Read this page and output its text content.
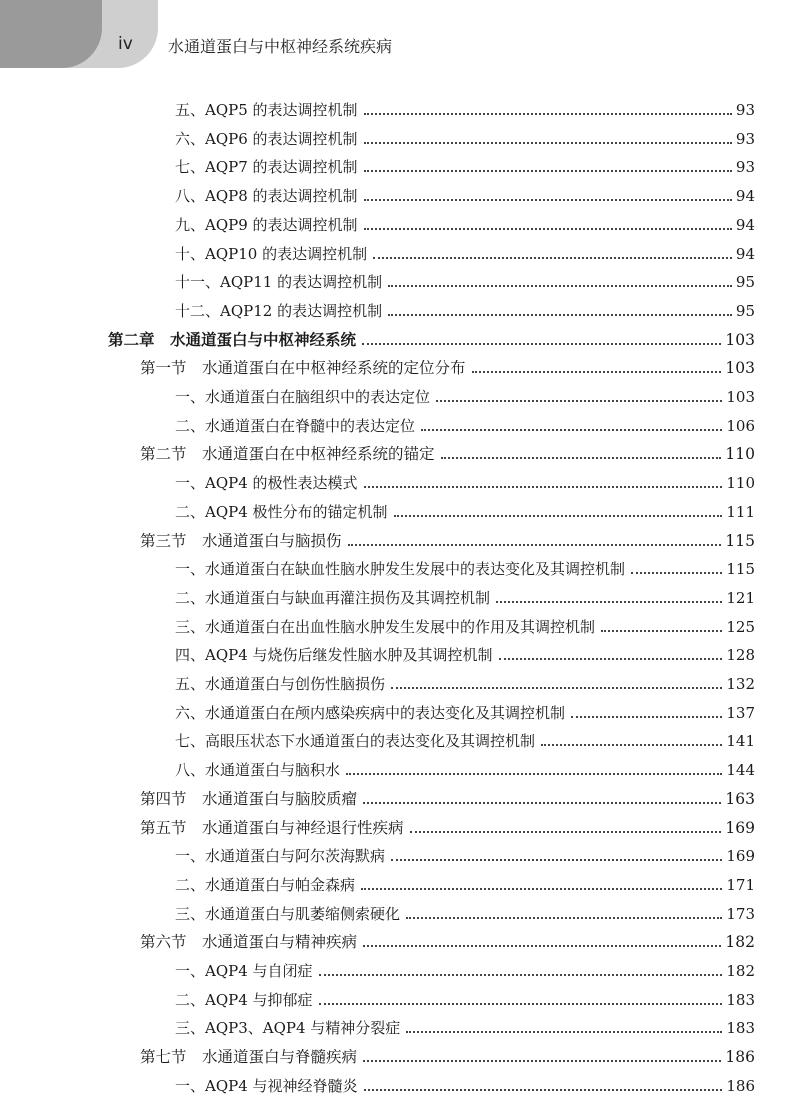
iv 水通道蛋白与中枢神经系统疾病
五、AQP5 的表达调控机制	93
六、AQP6 的表达调控机制	93
七、AQP7 的表达调控机制	93
八、AQP8 的表达调控机制	94
九、AQP9 的表达调控机制	94
十、AQP10 的表达调控机制	94
十一、AQP11 的表达调控机制	95
十二、AQP12 的表达调控机制	95
第二章　水通道蛋白与中枢神经系统	103
第一节　水通道蛋白在中枢神经系统的定位分布	103
一、水通道蛋白在脑组织中的表达定位	103
二、水通道蛋白在脊髓中的表达定位	106
第二节　水通道蛋白在中枢神经系统的锚定	110
一、AQP4 的极性表达模式	110
二、AQP4 极性分布的锚定机制	111
第三节　水通道蛋白与脑损伤	115
一、水通道蛋白在缺血性脑水肿发生发展中的表达变化及其调控机制	115
二、水通道蛋白与缺血再灌注损伤及其调控机制	121
三、水通道蛋白在出血性脑水肿发生发展中的作用及其调控机制	125
四、AQP4 与烧伤后继发性脑水肿及其调控机制	128
五、水通道蛋白与创伤性脑损伤	132
六、水通道蛋白在颅内感染疾病中的表达变化及其调控机制	137
七、高眼压状态下水通道蛋白的表达变化及其调控机制	141
八、水通道蛋白与脑积水	144
第四节　水通道蛋白与脑胶质瘤	163
第五节　水通道蛋白与神经退行性疾病	169
一、水通道蛋白与阿尔茨海默病	169
二、水通道蛋白与帕金森病	171
三、水通道蛋白与肌萎缩侧索硬化	173
第六节　水通道蛋白与精神疾病	182
一、AQP4 与自闭症	182
二、AQP4 与抑郁症	183
三、AQP3、AQP4 与精神分裂症	183
第七节　水通道蛋白与脊髓疾病	186
一、AQP4 与视神经脊髓炎	186
